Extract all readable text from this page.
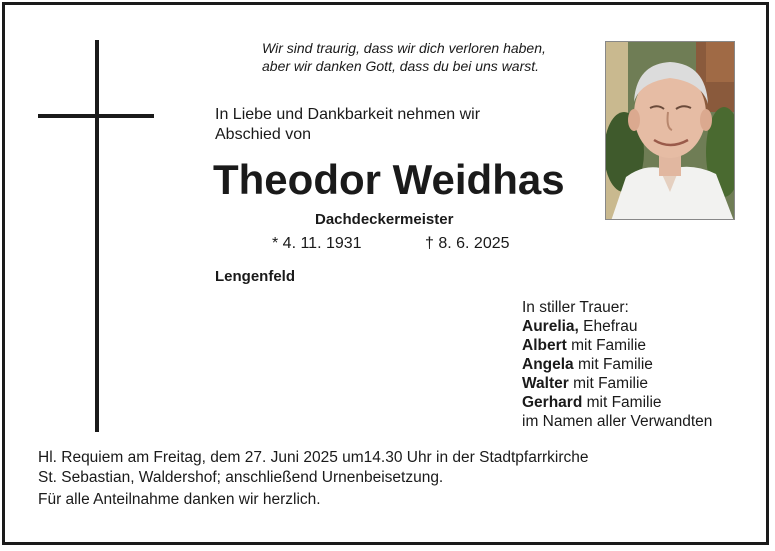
Wir sind traurig, dass wir dich verloren haben,
aber wir danken Gott, dass du bei uns warst.
In Liebe und Dankbarkeit nehmen wir
Abschied von
Theodor Weidhas
Dachdeckermeister
* 4. 11. 1931	† 8. 6. 2025
Lengenfeld
In stiller Trauer:
Aurelia, Ehefrau
Albert mit Familie
Angela mit Familie
Walter mit Familie
Gerhard mit Familie
im Namen aller Verwandten
Hl. Requiem am Freitag, dem 27. Juni 2025 um14.30 Uhr in der Stadtpfarrkirche
St. Sebastian, Waldershof; anschließend Urnenbeisetzung.
Für alle Anteilnahme danken wir herzlich.
